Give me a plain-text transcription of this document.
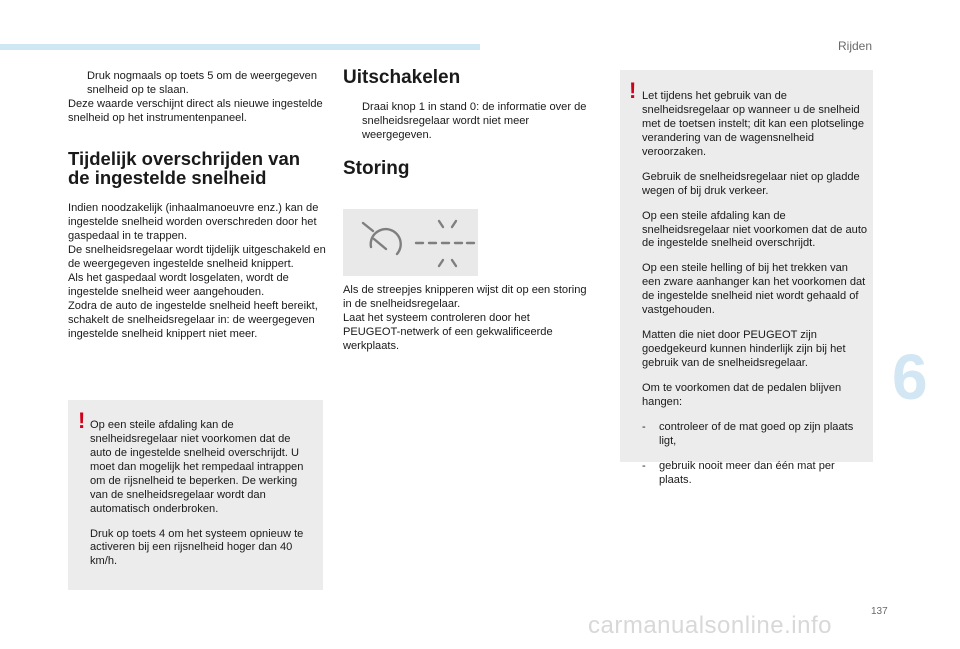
Rijden
6
137
carmanualsonline.info

Druk nogmaals op toets 5 om de weergegeven snelheid op te slaan.

Deze waarde verschijnt direct als nieuwe ingestelde snelheid op het instrumentenpaneel.

Tijdelijk overschrijden van
de ingestelde snelheid

Indien noodzakelijk (inhaalmanoeuvre enz.) kan de ingestelde snelheid worden overschreden door het gaspedaal in te trappen.

De snelheidsregelaar wordt tijdelijk uitgeschakeld en de weergegeven ingestelde snelheid knippert.

Als het gaspedaal wordt losgelaten, wordt de ingestelde snelheid weer aangehouden.

Zodra de auto de ingestelde snelheid heeft bereikt, schakelt de snelheidsregelaar in: de weergegeven ingestelde snelheid knippert niet meer.

! Op een steile afdaling kan de snelheidsregelaar niet voorkomen dat de auto de ingestelde snelheid overschrijdt. U moet dan mogelijk het rempedaal intrappen om de rijsnelheid te beperken. De werking van de snelheidsregelaar wordt dan automatisch onderbroken.

Druk op toets 4 om het systeem opnieuw te activeren bij een rijsnelheid hoger dan 40 km/h.

Uitschakelen

Draai knop 1 in stand 0: de informatie over de snelheidsregelaar wordt niet meer weergegeven.

Storing

Als de streepjes knipperen wijst dit op een storing in de snelheidsregelaar.

Laat het systeem controleren door het PEUGEOT-netwerk of een gekwalificeerde werkplaats.

! Let tijdens het gebruik van de snelheidsregelaar op wanneer u de snelheid met de toetsen instelt; dit kan een plotselinge verandering van de wagensnelheid veroorzaken.

Gebruik de snelheidsregelaar niet op gladde wegen of bij druk verkeer.

Op een steile afdaling kan de snelheidsregelaar niet voorkomen dat de auto de ingestelde snelheid overschrijdt.

Op een steile helling of bij het trekken van een zware aanhanger kan het voorkomen dat de ingestelde snelheid niet wordt gehaald of vastgehouden.

Matten die niet door PEUGEOT zijn goedgekeurd kunnen hinderlijk zijn bij het gebruik van de snelheidsregelaar.

Om te voorkomen dat de pedalen blijven hangen:

- controleer of de mat goed op zijn plaats ligt,

- gebruik nooit meer dan één mat per plaats.
